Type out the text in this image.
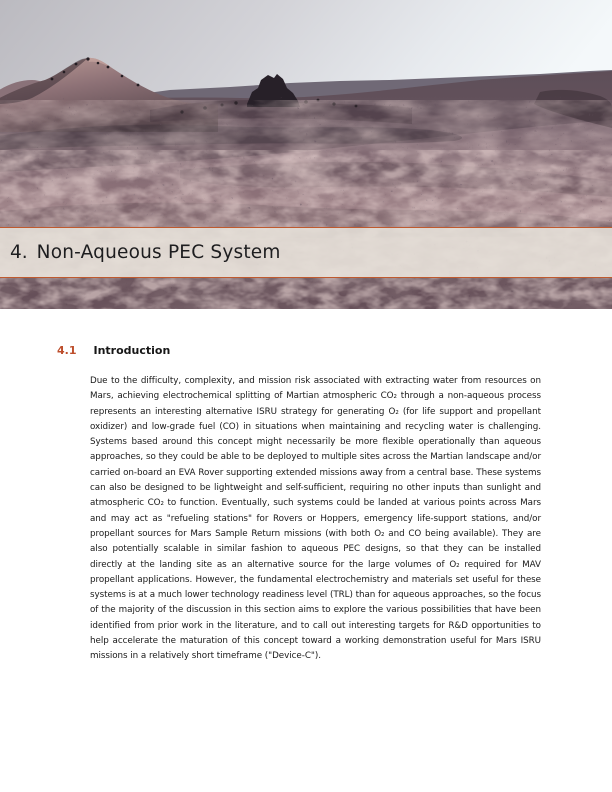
4. Non-Aqueous PEC System
4.1 Introduction

Due to the difficulty, complexity, and mission risk associated with extracting water from resources on Mars, achieving electrochemical splitting of Martian atmospheric CO₂ through a non-aqueous process represents an interesting alternative ISRU strategy for generating O₂ (for life support and propellant oxidizer) and low-grade fuel (CO) in situations when maintaining and recycling water is challenging. Systems based around this concept might necessarily be more flexible operationally than aqueous approaches, so they could be able to be deployed to multiple sites across the Martian landscape and/or carried on-board an EVA Rover supporting extended missions away from a central base. These systems can also be designed to be lightweight and self-sufficient, requiring no other inputs than sunlight and atmospheric CO₂ to function. Eventually, such systems could be landed at various points across Mars and may act as "refueling stations" for Rovers or Hoppers, emergency life-support stations, and/or propellant sources for Mars Sample Return missions (with both O₂ and CO being available). They are also potentially scalable in similar fashion to aqueous PEC designs, so that they can be installed directly at the landing site as an alternative source for the large volumes of O₂ required for MAV propellant applications. However, the fundamental electrochemistry and materials set useful for these systems is at a much lower technology readiness level (TRL) than for aqueous approaches, so the focus of the majority of the discussion in this section aims to explore the various possibilities that have been identified from prior work in the literature, and to call out interesting targets for R&D opportunities to help accelerate the maturation of this concept toward a working demonstration useful for Mars ISRU missions in a relatively short timeframe ("Device-C").
